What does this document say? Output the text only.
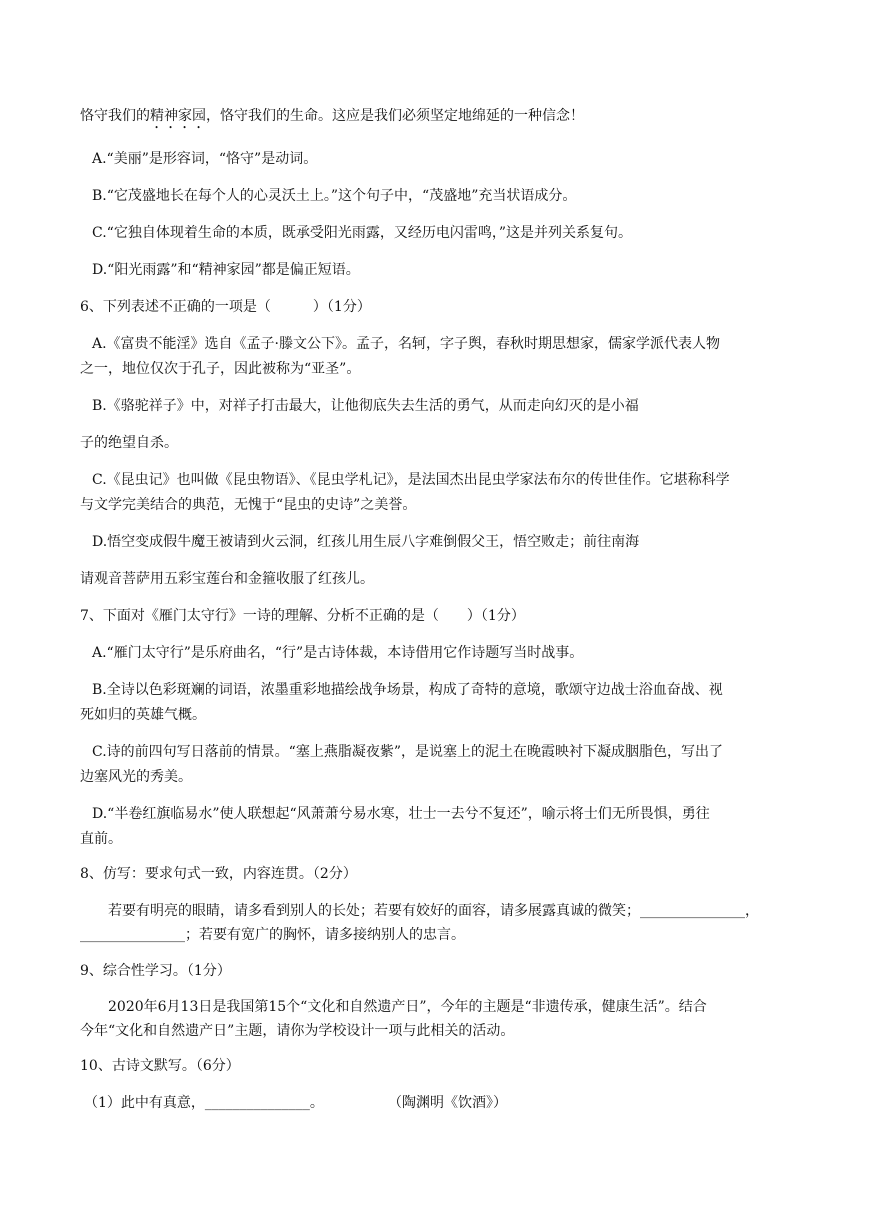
恪守我们的精神家园，恪守我们的生命。这应是我们必须坚定地绵延的一种信念！
A.“美丽”是形容词，“恪守”是动词。
B.“它茂盛地长在每个人的心灵沃土上。”这个句子中，“茂盛地”充当状语成分。
C.“它独自体现着生命的本质，既承受阳光雨露，又经历电闪雷鸣，”这是并列关系复句。
D.“阳光雨露”和“精神家园”都是偏正短语。
6、下列表述不正确的一项是（　　　）（1分）
A.《富贵不能淫》选自《孟子·滕文公下》。孟子，名轲，字子舆，春秋时期思想家，儒家学派代表人物
之一，地位仅次于孔子，因此被称为“亚圣”。
B.《骆驼祥子》中，对祥子打击最大，让他彻底失去生活的勇气，从而走向幻灭的是小福
子的绝望自杀。
C.《昆虫记》也叫做《昆虫物语》、《昆虫学札记》，是法国杰出昆虫学家法布尔的传世佳作。它堪称科学
与文学完美结合的典范，无愧于“昆虫的史诗”之美誉。
D.悟空变成假牛魔王被请到火云洞，红孩儿用生辰八字难倒假父王，悟空败走；前往南海
请观音菩萨用五彩宝莲台和金箍收服了红孩儿。
7、下面对《雁门太守行》一诗的理解、分析不正确的是（　　）（1分）
A.“雁门太守行”是乐府曲名，“行”是古诗体裁，本诗借用它作诗题写当时战事。
B.全诗以色彩斑斓的词语，浓墨重彩地描绘战争场景，构成了奇特的意境，歌颂守边战士浴血奋战、视
死如归的英雄气概。
C.诗的前四句写日落前的情景。“塞上燕脂凝夜紫”，是说塞上的泥土在晚霞映衬下凝成胭脂色，写出了
边塞风光的秀美。
D.“半卷红旗临易水”使人联想起“风萧萧兮易水寒，壮士一去兮不复还”，喻示将士们无所畏惧，勇往
直前。
8、仿写：要求句式一致，内容连贯。（2分）
若要有明亮的眼睛，请多看到别人的长处；若要有姣好的面容，请多展露真诚的微笑；_______________，
_______________；若要有宽广的胸怀，请多接纳别人的忠言。
9、综合性学习。（1分）
2020年6月13日是我国第15个“文化和自然遗产日”，今年的主题是“非遗传承，健康生活”。结合
今年“文化和自然遗产日”主题，请你为学校设计一项与此相关的活动。
10、古诗文默写。（6分）
（1）此中有真意，_______________。	（陶渊明《饮酒》）
